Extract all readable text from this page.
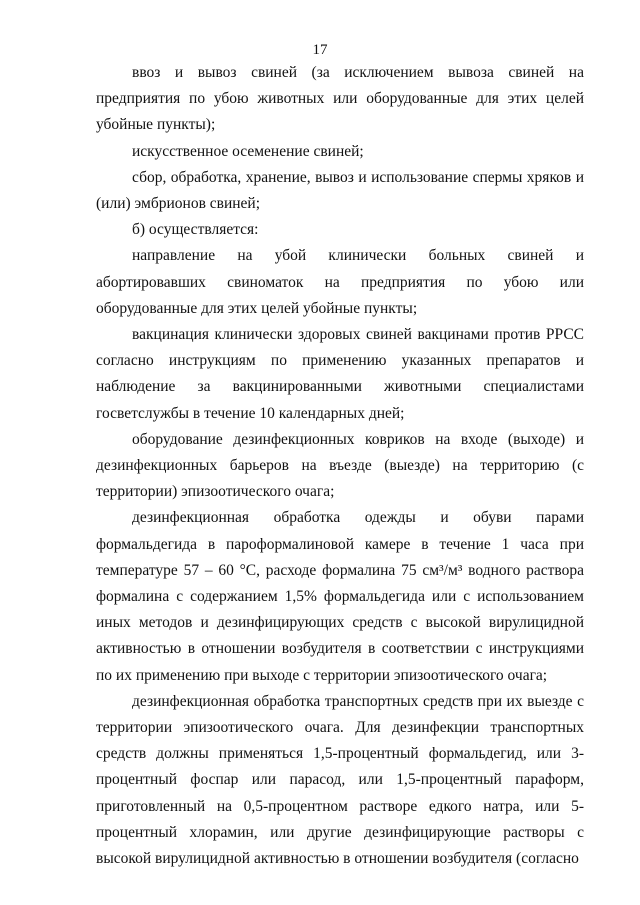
17

ввоз и вывоз свиней (за исключением вывоза свиней на предприятия по убою животных или оборудованные для этих целей убойные пункты);

искусственное осеменение свиней;

сбор, обработка, хранение, вывоз и использование спермы хряков и (или) эмбрионов свиней;

б) осуществляется:

направление на убой клинически больных свиней и абортировавших свиноматок на предприятия по убою или оборудованные для этих целей убойные пункты;

вакцинация клинически здоровых свиней вакцинами против РРСС согласно инструкциям по применению указанных препаратов и наблюдение за вакцинированными животными специалистами госветслужбы в течение 10 календарных дней;

оборудование дезинфекционных ковриков на входе (выходе) и дезинфекционных барьеров на въезде (выезде) на территорию (с территории) эпизоотического очага;

дезинфекционная обработка одежды и обуви парами формальдегида в пароформалиновой камере в течение 1 часа при температуре 57 – 60 °С, расходе формалина 75 см³/м³ водного раствора формалина с содержанием 1,5% формальдегида или с использованием иных методов и дезинфицирующих средств с высокой вирулицидной активностью в отношении возбудителя в соответствии с инструкциями по их применению при выходе с территории эпизоотического очага;

дезинфекционная обработка транспортных средств при их выезде с территории эпизоотического очага. Для дезинфекции транспортных средств должны применяться 1,5-процентный формальдегид, или 3-процентный фоспар или парасод, или 1,5-процентный параформ, приготовленный на 0,5-процентном растворе едкого натра, или 5-процентный хлорамин, или другие дезинфицирующие растворы с высокой вирулицидной активностью в отношении возбудителя (согласно
